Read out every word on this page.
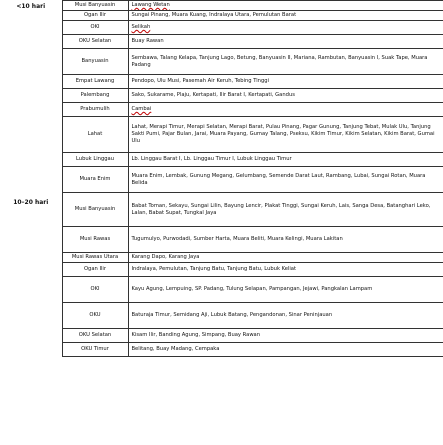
<10 hari	Musi Banyuasin	Lawang Wetan
	Ogan Ilir	Sungai Pinang, Muara Kuang, Indralaya Utara, Pemulutan Barat
	OKI	Selikah
	OKU Selatan	Buay Rawan
10–20 hari	Banyuasin	Sembawa, Talang Kelapa, Tanjung Lago, Betung, Banyuasin II, Mariana, Rambutan, Banyuasin I, Suak Tape, Muara Padang
	Empat Lawang	Pendopo, Ulu Musi, Pasemah Air Keruh, Tebing Tinggi
	Palembang	Sako, Sukarame, Plaju, Kertapati, Ilir Barat I, Kertapati, Gandus
	Prabumulih	Cambai
	Lahat	Lahat, Merapi Timur, Merapi Selatan, Merapi Barat, Pulau Pinang, Pagar Gunung, Tanjung Tebat, Mulak Ulu, Tanjung Sakti Pumi, Pajar Bulan, Jarai, Muara Payang, Gumay Talang, Pseksu, Kikim Timur, Kikim Selatan, Kikim Barat, Gumai Ulu
	Lubuk Linggau	Lb. Linggau Barat I, Lb. Linggau Timur I, Lubuk Linggau Timur
	Muara Enim	Muara Enim, Lembak, Gunung Megang, Gelumbang, Semende Darat Laut, Rambang, Lubai, Sungai Rotan, Muara Belida
	Musi Banyuasin	Babat Toman, Sekayu, Sungai Lilin, Bayung Lencir, Plakat Tinggi, Sungai Keruh, Lais, Sanga Desa, Batanghari Leko, Lalan, Babat Supat, Tungkal Jaya
	Musi Rawas	Tugumulyo, Purwodadi, Sumber Harta, Muara Beliti, Muara Kelingi, Muara Lakitan
	Musi Rawas Utara	Karang Dapo, Karang Jaya
	Ogan Ilir	Indralaya, Pemulutan, Tanjung Batu, Tanjung Batu, Lubuk Keliat
	OKI	Kayu Agung, Lempuing, SP. Padang, Tulung Selapan, Pampangan, Jejawi, Pangkalan Lampam
	OKU	Baturaja Timur, Semidang Aji, Lubuk Batang, Pengandonan, Sinar Peninjauan
	OKU Selatan	Kisam Ilir, Banding Agung, Simpang, Buay Rawan
	OKU Timur	Belitang, Buay Madang, Cempaka
